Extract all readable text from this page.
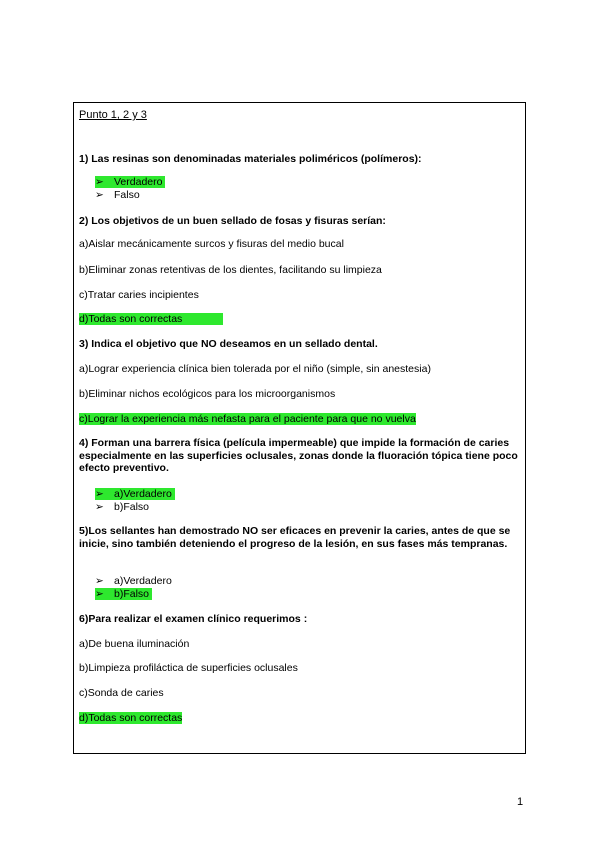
Punto 1, 2 y 3
1) Las resinas son denominadas materiales poliméricos (polímeros):
➢ Verdadero
➢ Falso
2) Los objetivos de un buen sellado de fosas y fisuras serían:
a)Aislar mecánicamente surcos y fisuras del medio bucal
b)Eliminar zonas retentivas de los dientes, facilitando su limpieza
c)Tratar caries incipientes
d)Todas son correctas
3) Indica el objetivo que NO deseamos en un sellado dental.
a)Lograr experiencia clínica bien tolerada por el niño (simple, sin anestesia)
b)Eliminar nichos ecológicos para los microorganismos
c)Lograr la experiencia más nefasta para el paciente para que no vuelva
4) Forman una barrera física (película impermeable) que impide la formación de caries especialmente en las superficies oclusales, zonas donde la fluoración tópica tiene poco efecto preventivo.
➢ a)Verdadero
➢ b)Falso
5)Los sellantes han demostrado NO ser eficaces en prevenir la caries, antes de que se inicie, sino también deteniendo el progreso de la lesión, en sus fases más tempranas.
➢ a)Verdadero
➢ b)Falso
6)Para realizar el examen clínico requerimos :
a)De buena iluminación
b)Limpieza profiláctica de superficies oclusales
c)Sonda de caries
d)Todas son correctas
1
